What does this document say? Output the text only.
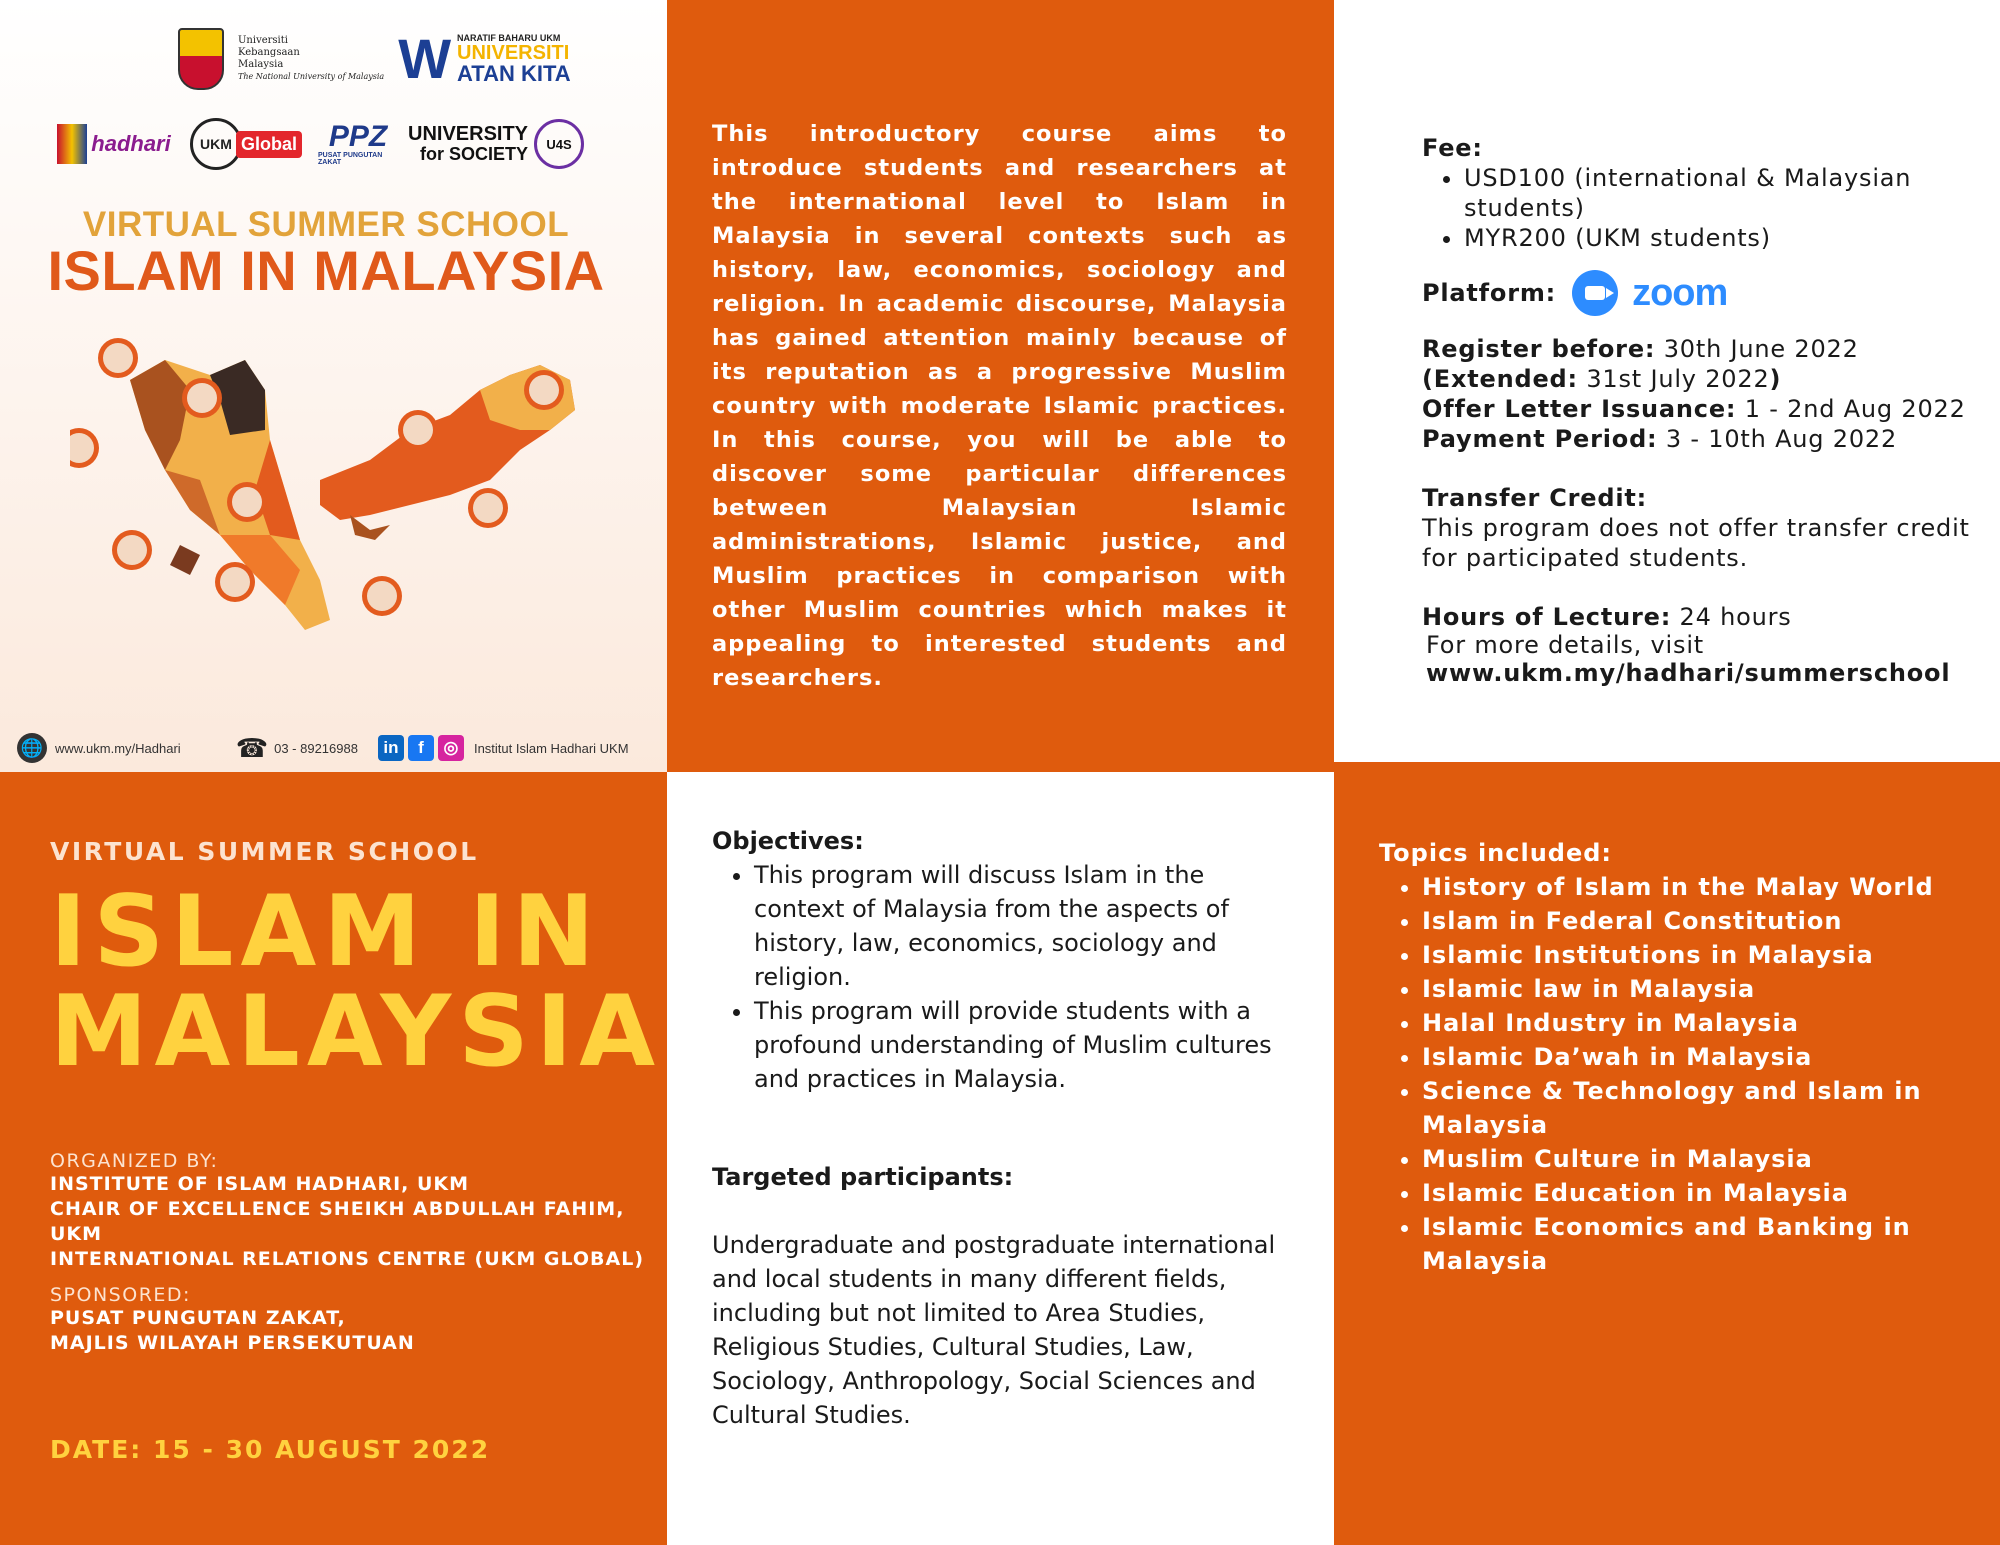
Universiti
Kebangsaan
Malaysia
The National University of Malaysia W NARATIF BAHARU UKM
UNIVERSITI
ATAN KITA
hadhari	UKM Global PPZ
PUSAT PUNGUTAN ZAKAT
UNIVERSITY
for SOCIETY	U4S
VIRTUAL SUMMER SCHOOL
ISLAM IN MALAYSIA
🌐 www.ukm.my/Hadhari ☎ 03 - 89216988	in	f	◎	Institut Islam Hadhari UKM
This introductory course aims to introduce students and researchers at the international level to Islam in Malaysia in several contexts such as history, law, economics, sociology and religion. In academic discourse, Malaysia has gained attention mainly because of its reputation as a progressive Muslim country with moderate Islamic practices. In this course, you will be able to discover some particular differences between Malaysian Islamic administrations, Islamic justice, and Muslim practices in comparison with other Muslim countries which makes it appealing to interested students and researchers.
Fee:
• USD100 (international & Malaysian students)
• MYR200 (UKM students)
Platform: zoom
Register before: 30th June 2022
(Extended: 31st July 2022)
Offer Letter Issuance: 1 - 2nd Aug 2022
Payment Period: 3 - 10th Aug 2022
Transfer Credit:
This program does not offer transfer credit for participated students.
Hours of Lecture: 24 hours
For more details, visit
www.ukm.my/hadhari/summerschool
VIRTUAL SUMMER SCHOOL
ISLAM IN
MALAYSIA
ORGANIZED BY:
INSTITUTE OF ISLAM HADHARI, UKM
CHAIR OF EXCELLENCE SHEIKH ABDULLAH FAHIM, UKM
INTERNATIONAL RELATIONS CENTRE (UKM GLOBAL)
SPONSORED:
PUSAT PUNGUTAN ZAKAT,
MAJLIS WILAYAH PERSEKUTUAN
DATE: 15 - 30 AUGUST 2022
Objectives:
• This program will discuss Islam in the context of Malaysia from the aspects of history, law, economics, sociology and religion.
• This program will provide students with a profound understanding of Muslim cultures and practices in Malaysia.
Targeted participants:
Undergraduate and postgraduate international and local students in many different fields, including but not limited to Area Studies, Religious Studies, Cultural Studies, Law, Sociology, Anthropology, Social Sciences and Cultural Studies.
Topics included:
• History of Islam in the Malay World
• Islam in Federal Constitution
• Islamic Institutions in Malaysia
• Islamic law in Malaysia
• Halal Industry in Malaysia
• Islamic Da’wah in Malaysia
• Science & Technology and Islam in Malaysia
• Muslim Culture in Malaysia
• Islamic Education in Malaysia
• Islamic Economics and Banking in Malaysia
